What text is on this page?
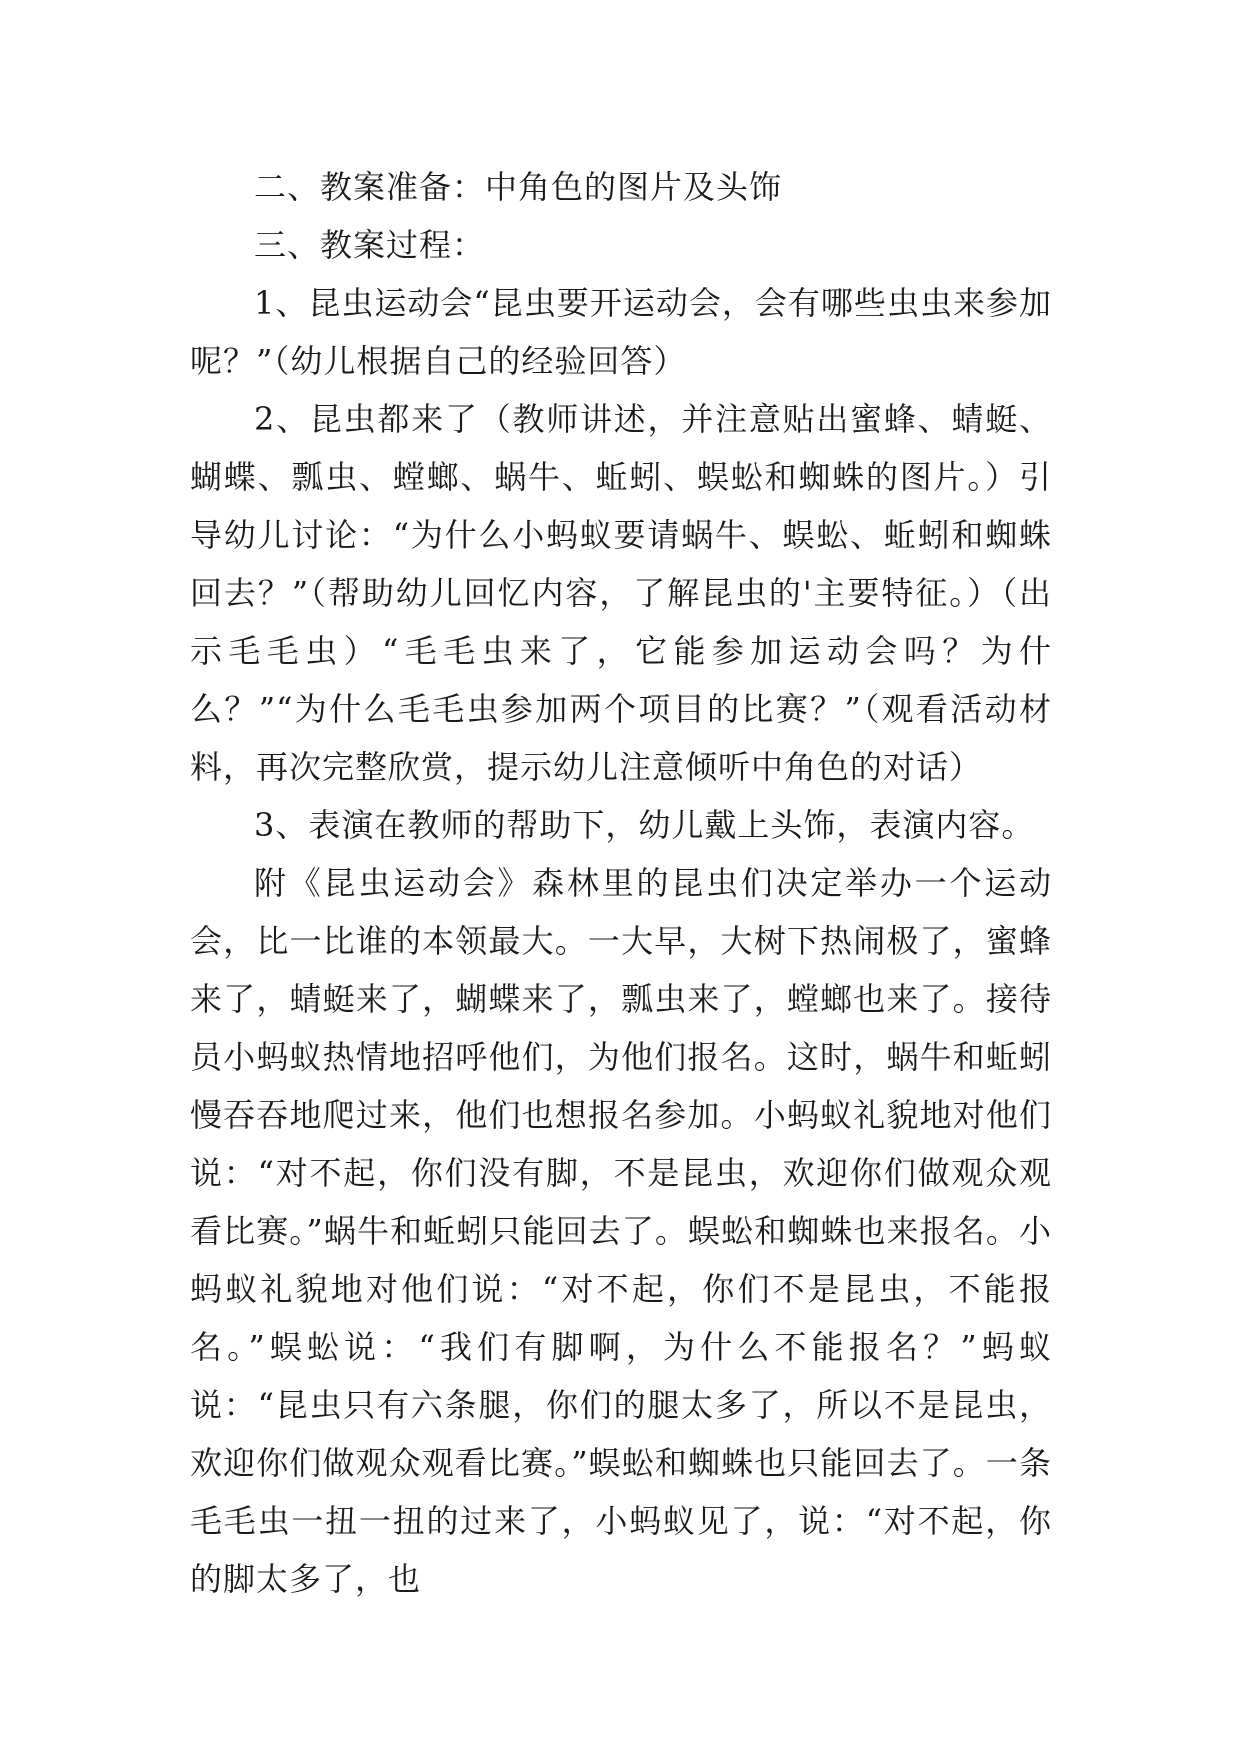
二、教案准备：中角色的图片及头饰

三、教案过程：

1、昆虫运动会“昆虫要开运动会，会有哪些虫虫来参加呢？”（幼儿根据自己的经验回答）

2、昆虫都来了（教师讲述，并注意贴出蜜蜂、蜻蜓、蝴蝶、瓢虫、螳螂、蜗牛、蚯蚓、蜈蚣和蜘蛛的图片。）引导幼儿讨论：“为什么小蚂蚁要请蜗牛、蜈蚣、蚯蚓和蜘蛛回去？”（帮助幼儿回忆内容，了解昆虫的'主要特征。）（出示毛毛虫）“毛毛虫来了，它能参加运动会吗？为什么？”“为什么毛毛虫参加两个项目的比赛？”（观看活动材料，再次完整欣赏，提示幼儿注意倾听中角色的对话）

3、表演在教师的帮助下，幼儿戴上头饰，表演内容。

附《昆虫运动会》森林里的昆虫们决定举办一个运动会，比一比谁的本领最大。一大早，大树下热闹极了，蜜蜂来了，蜻蜓来了，蝴蝶来了，瓢虫来了，螳螂也来了。接待员小蚂蚁热情地招呼他们，为他们报名。这时，蜗牛和蚯蚓慢吞吞地爬过来，他们也想报名参加。小蚂蚁礼貌地对他们说：“对不起，你们没有脚，不是昆虫，欢迎你们做观众观看比赛。”蜗牛和蚯蚓只能回去了。蜈蚣和蜘蛛也来报名。小蚂蚁礼貌地对他们说：“对不起，你们不是昆虫，不能报名。”蜈蚣说：“我们有脚啊，为什么不能报名？”蚂蚁说：“昆虫只有六条腿，你们的腿太多了，所以不是昆虫，欢迎你们做观众观看比赛。”蜈蚣和蜘蛛也只能回去了。一条毛毛虫一扭一扭的过来了，小蚂蚁见了，说：“对不起，你的脚太多了，也
